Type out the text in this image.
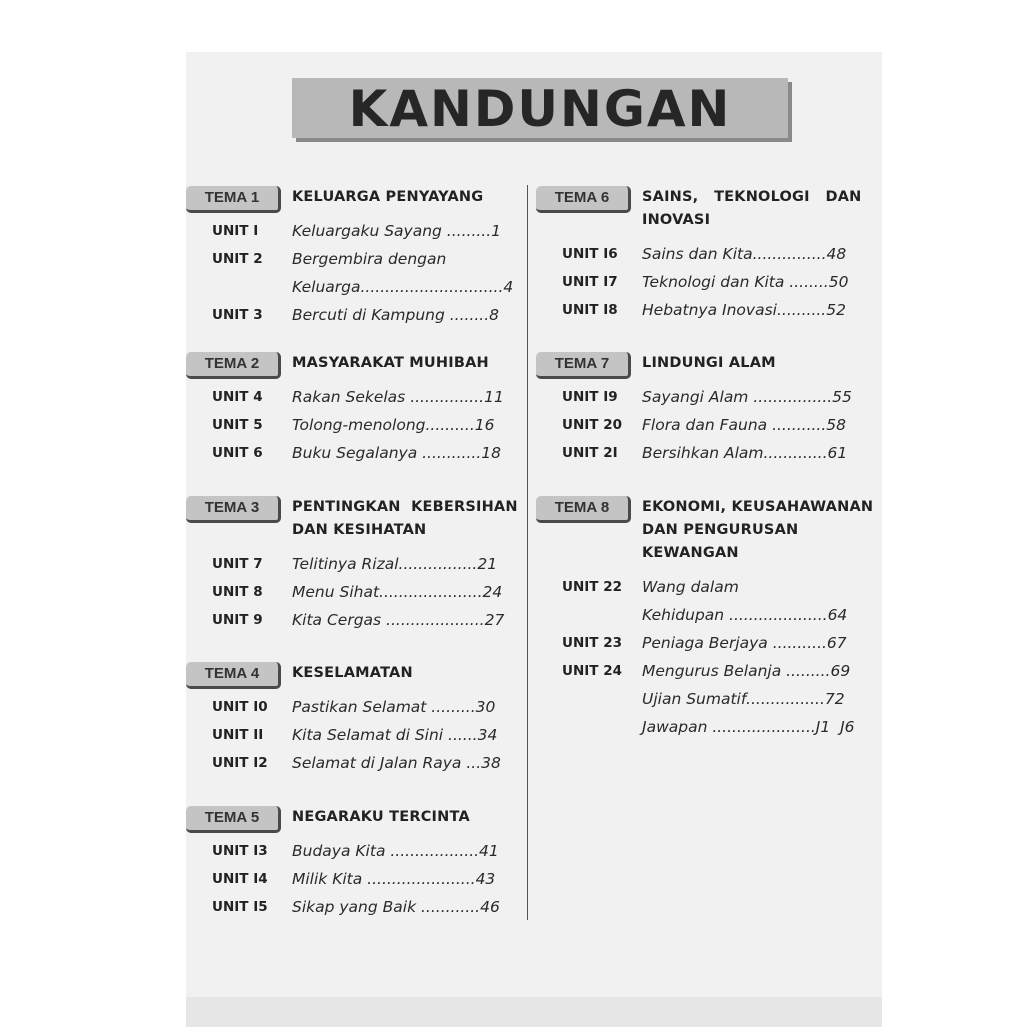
KANDUNGAN
TEMA 1	KELUARGA PENYAYANG
UNIT I	Keluargaku Sayang .........1
UNIT 2	Bergembira dengan
Keluarga.............................4
UNIT 3	Bercuti di Kampung ........8
TEMA 2	MASYARAKAT MUHIBAH
UNIT 4	Rakan Sekelas ...............11
UNIT 5	Tolong-menolong..........16
UNIT 6	Buku Segalanya ............18
TEMA 3	PENTINGKAN  KEBERSIHAN
DAN KESIHATAN
UNIT 7	Telitinya Rizal................21
UNIT 8	Menu Sihat.....................24
UNIT 9	Kita Cergas ....................27
TEMA 4	KESELAMATAN
UNIT I0	Pastikan Selamat .........30
UNIT II	Kita Selamat di Sini ......34
UNIT I2	Selamat di Jalan Raya ...38
TEMA 5	NEGARAKU TERCINTA
UNIT I3	Budaya Kita ..................41
UNIT I4	Milik Kita ......................43
UNIT I5	Sikap yang Baik ............46
TEMA 6	SAINS,   TEKNOLOGI   DAN
INOVASI
UNIT I6	Sains dan Kita...............48
UNIT I7	Teknologi dan Kita ........50
UNIT I8	Hebatnya Inovasi..........52
TEMA 7	LINDUNGI ALAM
UNIT I9	Sayangi Alam ................55
UNIT 20	Flora dan Fauna ...........58
UNIT 2I	Bersihkan Alam.............61
TEMA 8	EKONOMI, KEUSAHAWANAN
DAN PENGURUSAN
KEWANGAN
UNIT 22	Wang dalam
Kehidupan ....................64
UNIT 23	Peniaga Berjaya ...........67
UNIT 24	Mengurus Belanja .........69
Ujian Sumatif................72
Jawapan .....................J1  J6
